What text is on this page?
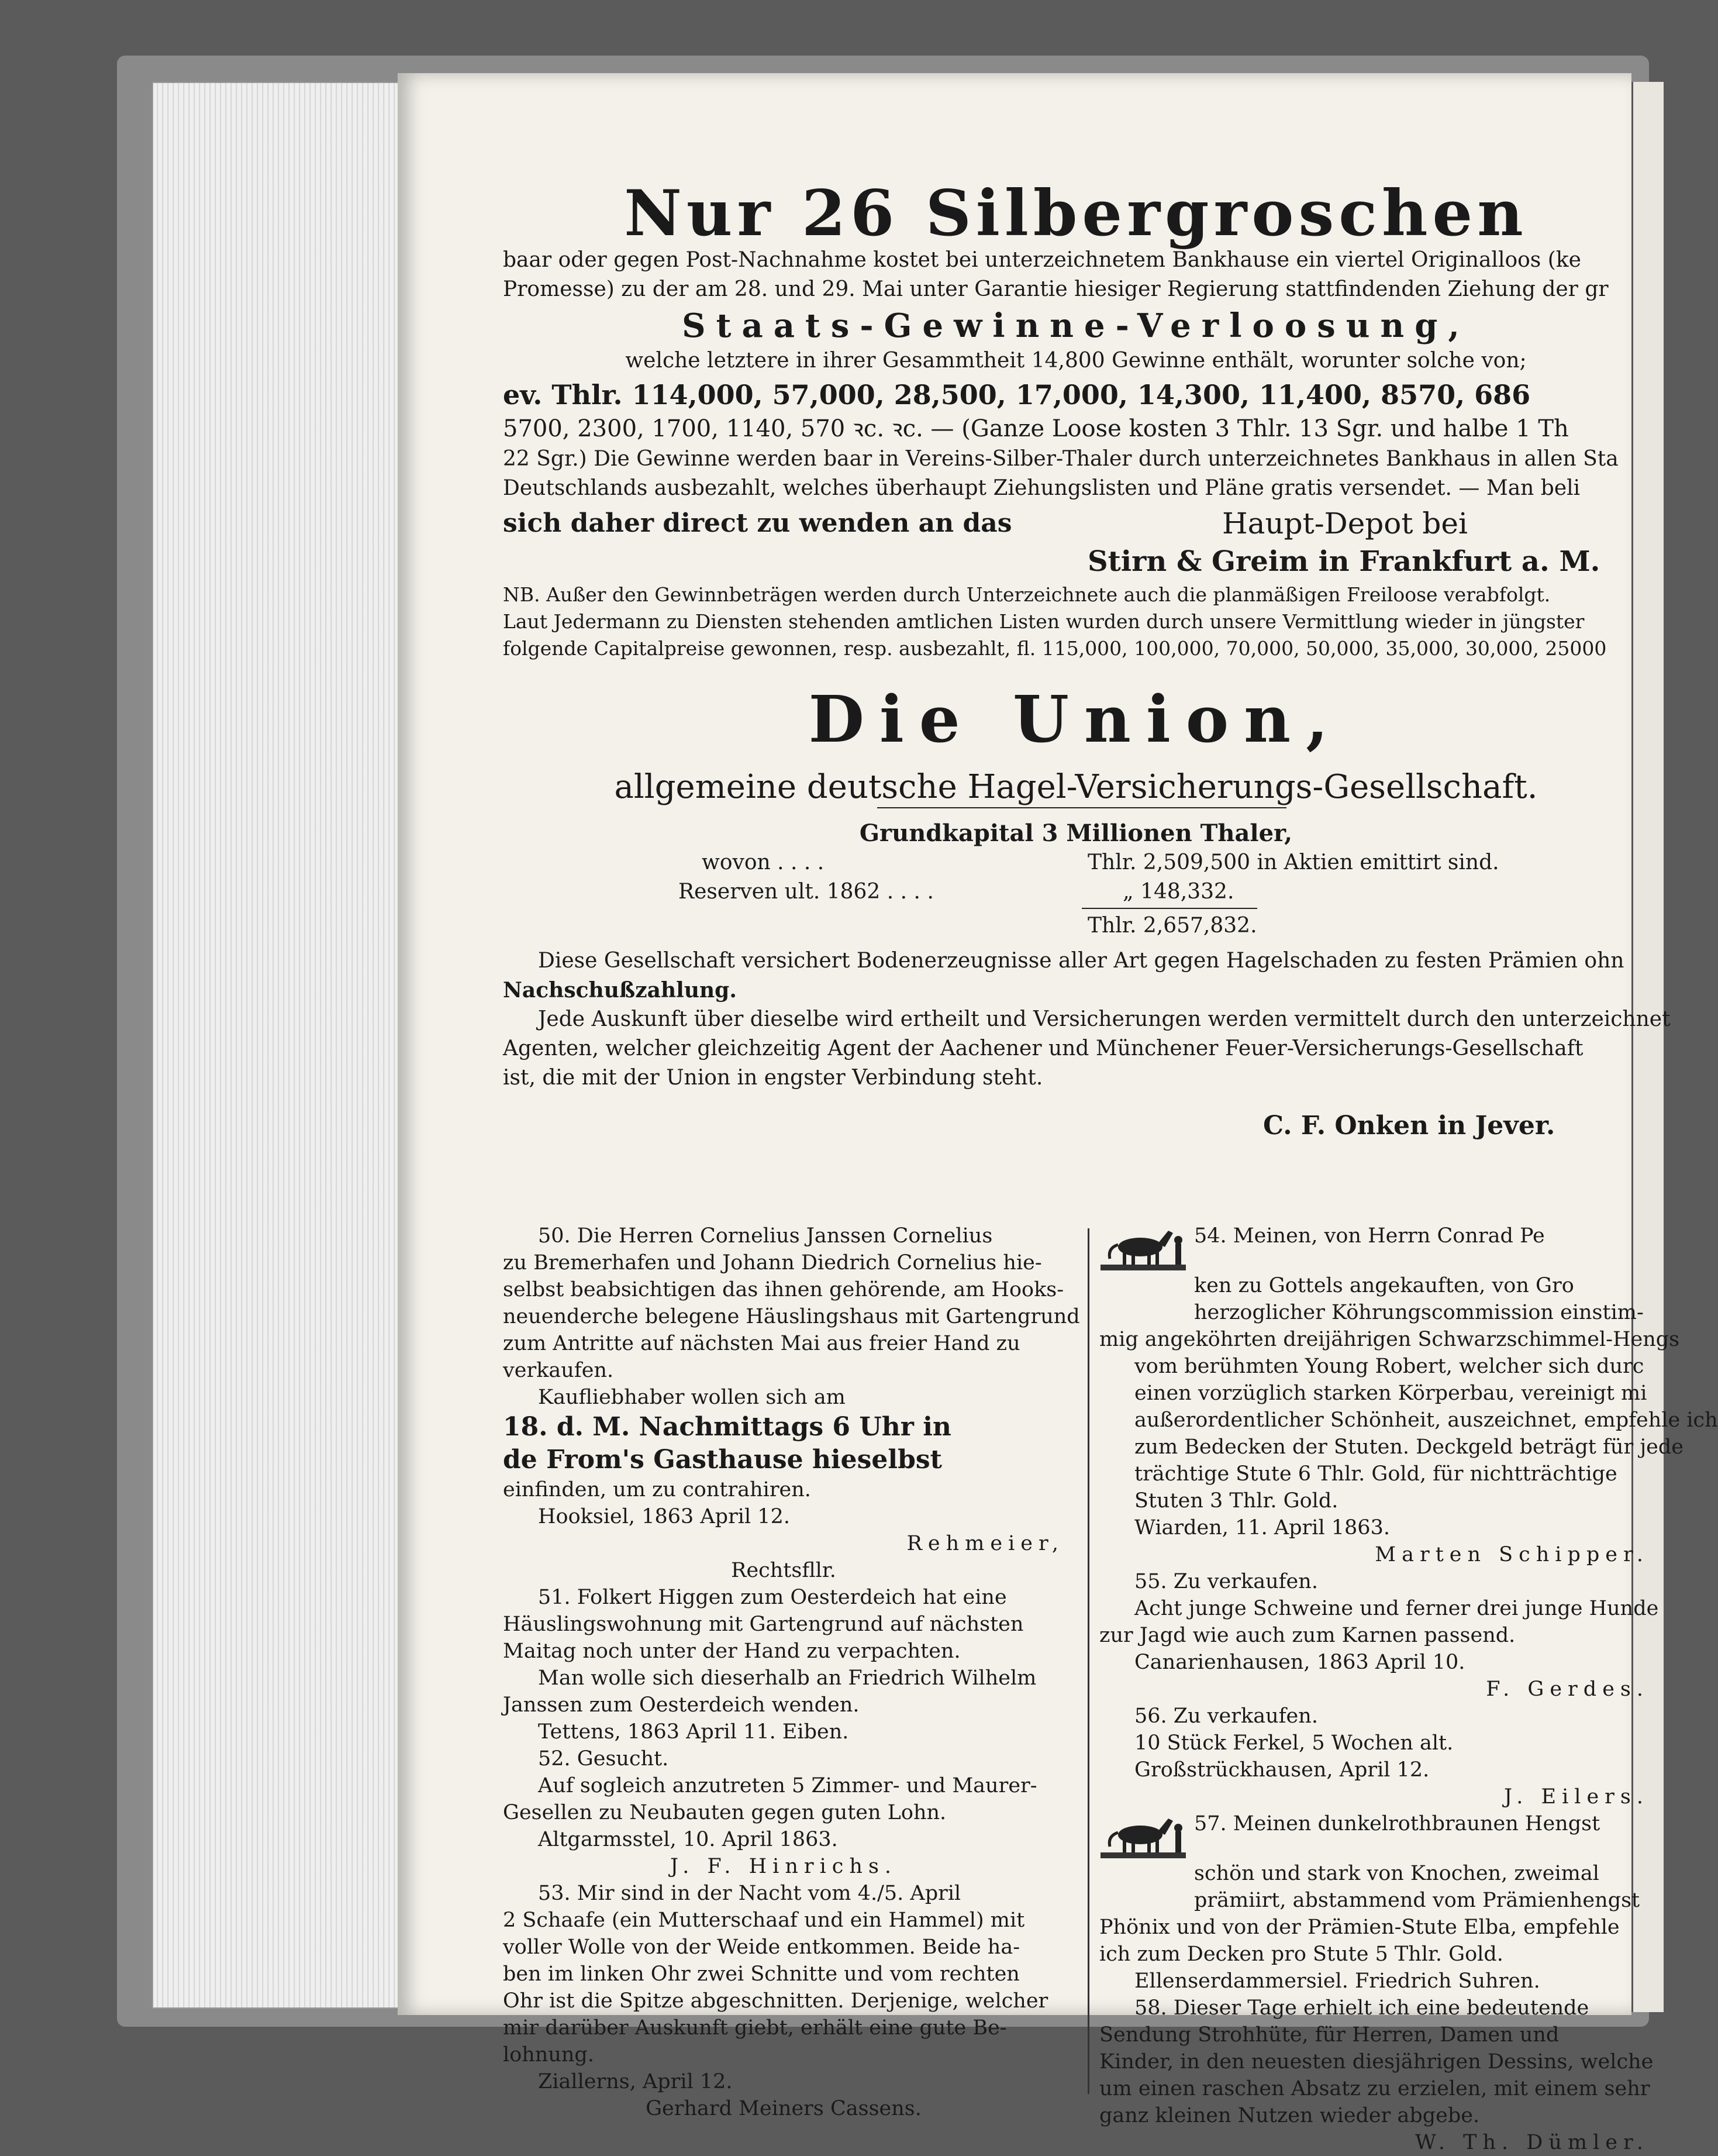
Nur 26 Silbergroschen
baar oder gegen Post-Nachnahme kostet bei unterzeichnetem Bankhause ein viertel Originalloos (ke
Promesse) zu der am 28. und 29. Mai unter Garantie hiesiger Regierung stattfindenden Ziehung der gr
Staats-Gewinne-Verloosung,
welche letztere in ihrer Gesammtheit 14,800 Gewinne enthält, worunter solche von;
ev. Thlr. 114,000, 57,000, 28,500, 17,000, 14,300, 11,400, 8570, 686
5700, 2300, 1700, 1140, 570 ꝛc. ꝛc. — (Ganze Loose kosten 3 Thlr. 13 Sgr. und halbe 1 Th
22 Sgr.) Die Gewinne werden baar in Vereins-Silber-Thaler durch unterzeichnetes Bankhaus in allen Sta
Deutschlands ausbezahlt, welches überhaupt Ziehungslisten und Pläne gratis versendet. — Man beli
sich daher direct zu wenden an das	Haupt-Depot bei
Stirn & Greim in Frankfurt a. M.
NB. Außer den Gewinnbeträgen werden durch Unterzeichnete auch die planmäßigen Freiloose verabfolgt.
Laut Jedermann zu Diensten stehenden amtlichen Listen wurden durch unsere Vermittlung wieder in jüngster
folgende Capitalpreise gewonnen, resp. ausbezahlt, fl. 115,000, 100,000, 70,000, 50,000, 35,000, 30,000, 25000
Die Union,
allgemeine deutsche Hagel-Versicherungs-Gesellschaft.
Grundkapital 3 Millionen Thaler,
wovon . . . .	Thlr. 2,509,500 in Aktien emittirt sind.
Reserven ult. 1862 . . . .	„ 148,332.
Thlr. 2,657,832.
Diese Gesellschaft versichert Bodenerzeugnisse aller Art gegen Hagelschaden zu festen Prämien ohn
Nachschußzahlung.
Jede Auskunft über dieselbe wird ertheilt und Versicherungen werden vermittelt durch den unterzeichnet
Agenten, welcher gleichzeitig Agent der Aachener und Münchener Feuer-Versicherungs-Gesellschaft
ist, die mit der Union in engster Verbindung steht.
C. F. Onken in Jever.
50. Die Herren Cornelius Janssen Cornelius
zu Bremerhafen und Johann Diedrich Cornelius hie-
selbst beabsichtigen das ihnen gehörende, am Hooks-
neuenderche belegene Häuslingshaus mit Gartengrund
zum Antritte auf nächsten Mai aus freier Hand zu
verkaufen.
Kaufliebhaber wollen sich am
18. d. M. Nachmittags 6 Uhr in
de From's Gasthause hieselbst
einfinden, um zu contrahiren.
Hooksiel, 1863 April 12.
Rehmeier,
Rechtsfllr.
51. Folkert Higgen zum Oesterdeich hat eine
Häuslingswohnung mit Gartengrund auf nächsten
Maitag noch unter der Hand zu verpachten.
Man wolle sich dieserhalb an Friedrich Wilhelm
Janssen zum Oesterdeich wenden.
Tettens, 1863 April 11. Eiben.
52. Gesucht.
Auf sogleich anzutreten 5 Zimmer- und Maurer-
Gesellen zu Neubauten gegen guten Lohn.
Altgarmsstel, 10. April 1863.
J. F. Hinrichs.
53. Mir sind in der Nacht vom 4./5. April
2 Schaafe (ein Mutterschaaf und ein Hammel) mit
voller Wolle von der Weide entkommen. Beide ha-
ben im linken Ohr zwei Schnitte und vom rechten
Ohr ist die Spitze abgeschnitten. Derjenige, welcher
mir darüber Auskunft giebt, erhält eine gute Be-
lohnung.
Ziallerns, April 12.
Gerhard Meiners Cassens.
54. Meinen, von Herrn Conrad Pe
ken zu Gottels angekauften, von Gro
herzoglicher Köhrungscommission einstim-
mig angeköhrten dreijährigen Schwarzschimmel-Hengs
vom berühmten Young Robert, welcher sich durc
einen vorzüglich starken Körperbau, vereinigt mi
außerordentlicher Schönheit, auszeichnet, empfehle ich
zum Bedecken der Stuten. Deckgeld beträgt für jede
trächtige Stute 6 Thlr. Gold, für nichtträchtige
Stuten 3 Thlr. Gold.
Wiarden, 11. April 1863.
Marten Schipper.
55. Zu verkaufen.
Acht junge Schweine und ferner drei junge Hunde
zur Jagd wie auch zum Karnen passend.
Canarienhausen, 1863 April 10.
F. Gerdes.
56. Zu verkaufen.
10 Stück Ferkel, 5 Wochen alt.
Großstrückhausen, April 12.
J. Eilers.
57. Meinen dunkelrothbraunen Hengst
schön und stark von Knochen, zweimal
prämiirt, abstammend vom Prämienhengst
Phönix und von der Prämien-Stute Elba, empfehle
ich zum Decken pro Stute 5 Thlr. Gold.
Ellenserdammersiel. Friedrich Suhren.
58. Dieser Tage erhielt ich eine bedeutende
Sendung Strohhüte, für Herren, Damen und
Kinder, in den neuesten diesjährigen Dessins, welche
um einen raschen Absatz zu erzielen, mit einem sehr
ganz kleinen Nutzen wieder abgebe.
W. Th. Dümler.
